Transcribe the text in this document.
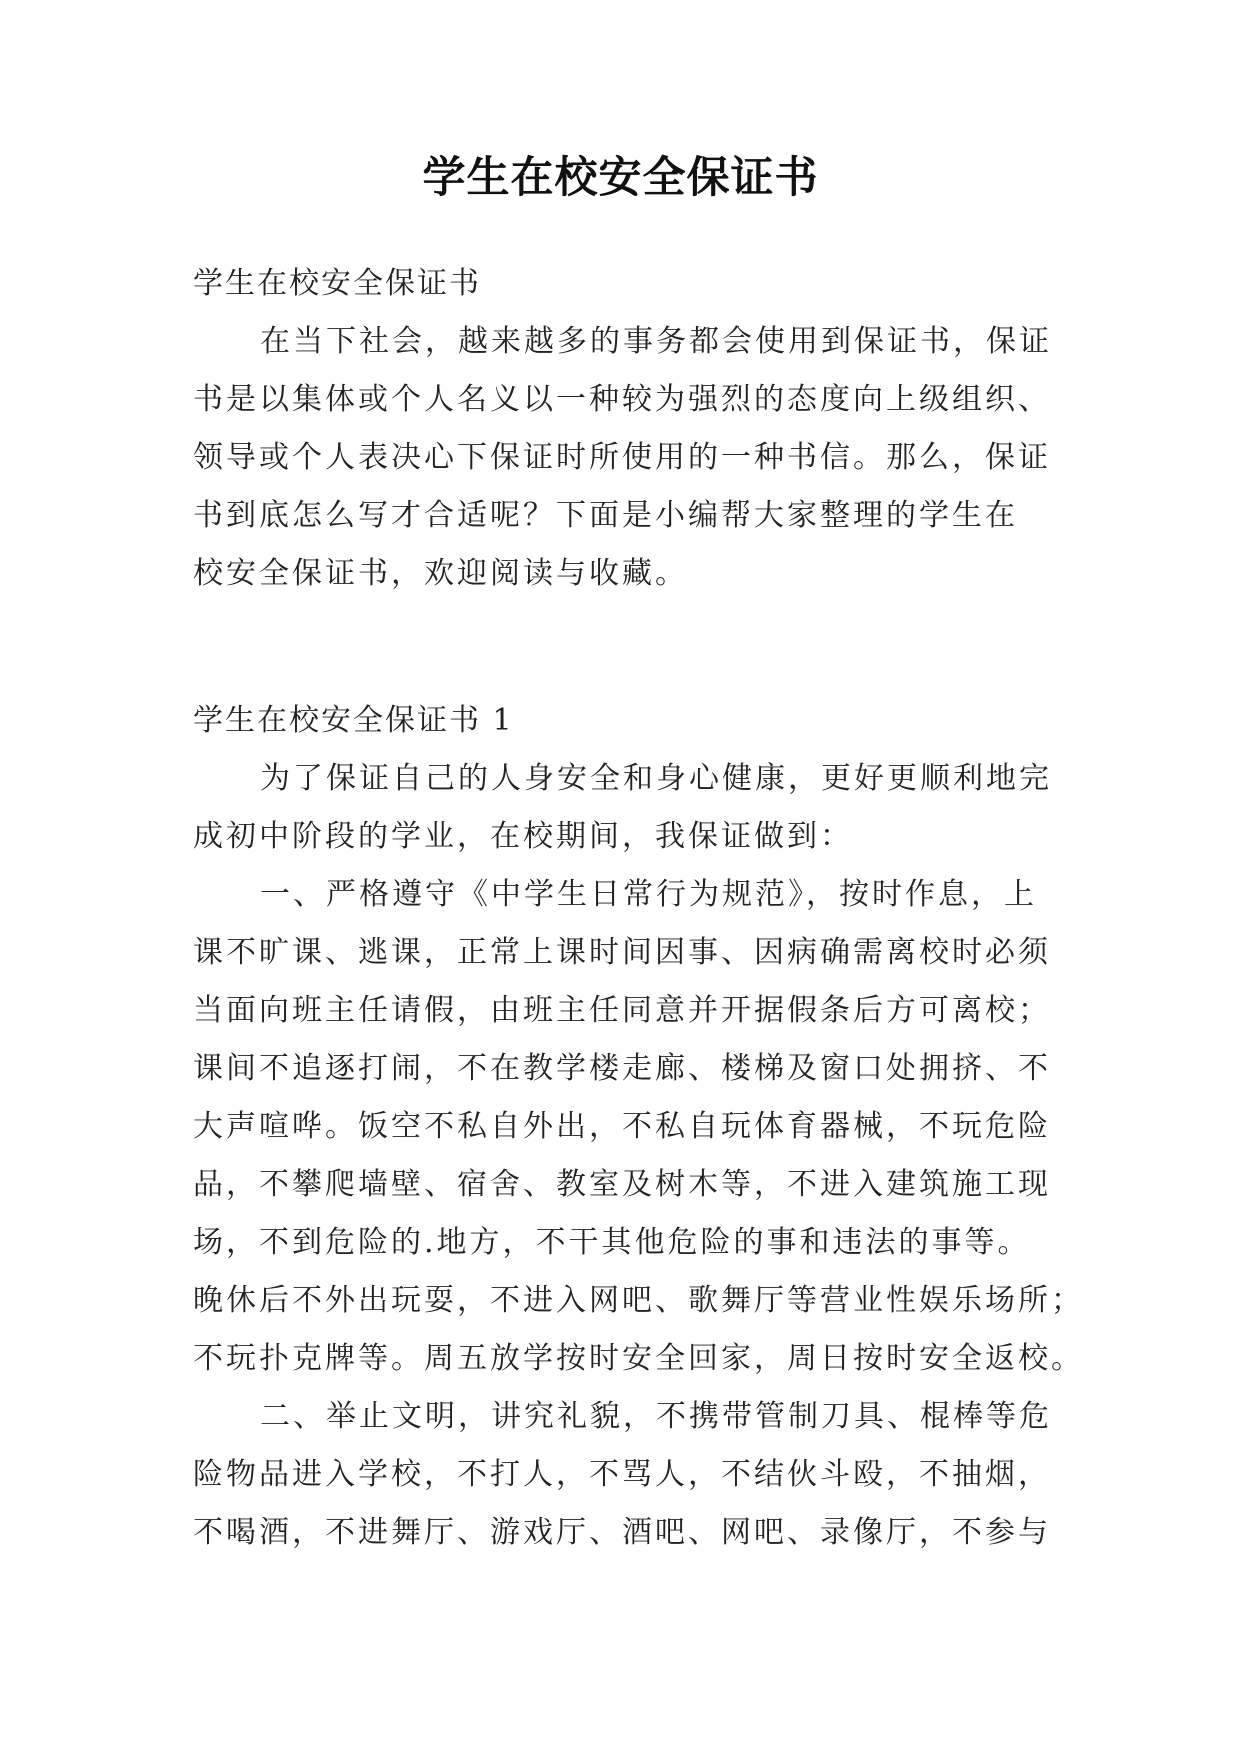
学生在校安全保证书
学生在校安全保证书
在当下社会，越来越多的事务都会使用到保证书，保证
书是以集体或个人名义以一种较为强烈的态度向上级组织、
领导或个人表决心下保证时所使用的一种书信。那么，保证
书到底怎么写才合适呢？下面是小编帮大家整理的学生在
校安全保证书，欢迎阅读与收藏。
学生在校安全保证书 1
为了保证自己的人身安全和身心健康，更好更顺利地完
成初中阶段的学业，在校期间，我保证做到：
一、严格遵守《中学生日常行为规范》，按时作息，上
课不旷课、逃课，正常上课时间因事、因病确需离校时必须
当面向班主任请假，由班主任同意并开据假条后方可离校；
课间不追逐打闹，不在教学楼走廊、楼梯及窗口处拥挤、不
大声喧哗。饭空不私自外出，不私自玩体育器械，不玩危险
品，不攀爬墙壁、宿舍、教室及树木等，不进入建筑施工现
场，不到危险的.地方，不干其他危险的事和违法的事等。
晚休后不外出玩耍，不进入网吧、歌舞厅等营业性娱乐场所；
不玩扑克牌等。周五放学按时安全回家，周日按时安全返校。
二、举止文明，讲究礼貌，不携带管制刀具、棍棒等危
险物品进入学校，不打人，不骂人，不结伙斗殴，不抽烟，
不喝酒，不进舞厅、游戏厅、酒吧、网吧、录像厅，不参与
